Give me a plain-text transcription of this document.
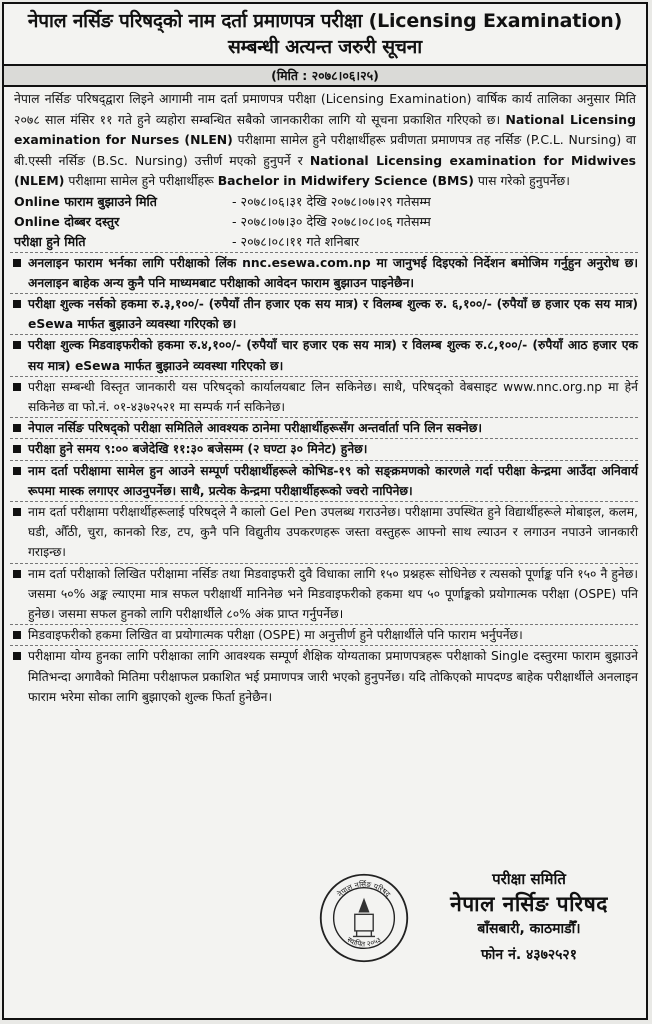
नेपाल नर्सिङ परिषद्‌को नाम दर्ता प्रमाणपत्र परीक्षा (Licensing Examination) सम्बन्धी अत्यन्त जरुरी सूचना
(मिति : २०७८।०६।२५)
नेपाल नर्सिङ परिषद्‌द्वारा लिइने आगामी नाम दर्ता प्रमाणपत्र परीक्षा (Licensing Examination) वार्षिक कार्य तालिका अनुसार मिति २०७८ साल मंसिर ११ गते हुने व्यहोरा सम्बन्धित सबैको जानकारीका लागि यो सूचना प्रकाशित गरिएको छ। National Licensing examination for Nurses (NLEN) परीक्षामा सामेल हुने परीक्षार्थीहरू प्रवीणता प्रमाणपत्र तह नर्सिङ (P.C.L. Nursing) वा बी.एस्सी नर्सिङ (B.Sc. Nursing) उत्तीर्ण मएको हुनुपर्ने र National Licensing examination for Midwives (NLEM) परीक्षामा सामेल हुने परीक्षार्थीहरू Bachelor in Midwifery Science (BMS) पास गरेको हुनुपर्नेछ।
Online फाराम बुझाउने मिति	- २०७८।०६।३१ देखि २०७८।०७।२९ गतेसम्म
Online दोब्बर दस्तुर	- २०७८।०७।३० देखि २०७८।०८।०६ गतेसम्म
परीक्षा हुने मिति	- २०७८।०८।११ गते शनिबार
अनलाइन फाराम भर्नका लागि परीक्षाको लिंक nnc.esewa.com.np मा जानुभई दिइएको निर्देशन बमोजिम गर्नुहुन अनुरोध छ। अनलाइन बाहेक अन्य कुनै पनि माध्यमबाट परीक्षाको आवेदन फाराम बुझाउन पाइनेछैन।
परीक्षा शुल्क नर्सको हकमा रु.३,१००/- (रुपैयाँ तीन हजार एक सय मात्र) र विलम्ब शुल्क रु. ६,१००/- (रुपैयाँ छ हजार एक सय मात्र) eSewa मार्फत बुझाउने व्यवस्था गरिएको छ।
परीक्षा शुल्क मिडवाइफरीको हकमा रु.४,१००/- (रुपैयाँ चार हजार एक सय मात्र) र विलम्ब शुल्क रु.८,१००/- (रुपैयाँ आठ हजार एक सय मात्र) eSewa मार्फत बुझाउने व्यवस्था गरिएको छ।
परीक्षा सम्बन्धी विस्तृत जानकारी यस परिषद्‌को कार्यालयबाट लिन सकिनेछ। साथै, परिषद्‌को वेबसाइट www.nnc.org.np मा हेर्न सकिनेछ वा फो.नं. ०१-४३७२५२१ मा सम्पर्क गर्न सकिनेछ।
नेपाल नर्सिङ परिषद्‌को परीक्षा समितिले आवश्यक ठानेमा परीक्षार्थीहरूसँग अन्तर्वार्ता पनि लिन सक्नेछ।
परीक्षा हुने समय ९:०० बजेदेखि ११:३० बजेसम्म (२ घण्टा ३० मिनेट) हुनेछ।
नाम दर्ता परीक्षामा सामेल हुन आउने सम्पूर्ण परीक्षार्थीहरूले कोभिड-१९ को सङ्क्रमणको कारणले गर्दा परीक्षा केन्द्रमा आउँदा अनिवार्य रूपमा मास्क लगाएर आउनुपर्नेछ। साथै, प्रत्येक केन्द्रमा परीक्षार्थीहरूको ज्वरो नापिनेछ।
नाम दर्ता परीक्षामा परीक्षार्थीहरूलाई परिषद्‌ले नै कालो Gel Pen उपलब्ध गराउनेछ। परीक्षामा उपस्थित हुने विद्यार्थीहरूले मोबाइल, कलम, घडी, औँठी, चुरा, कानको रिङ, टप, कुनै पनि विद्युतीय उपकरणहरू जस्ता वस्तुहरू आफ्नो साथ ल्याउन र लगाउन नपाउने जानकारी गराइन्छ।
नाम दर्ता परीक्षाको लिखित परीक्षामा नर्सिङ तथा मिडवाइफरी दुवै विधाका लागि १५० प्रश्नहरू सोधिनेछ र त्यसको पूर्णाङ्क पनि १५० नै हुनेछ। जसमा ५०% अङ्क ल्याएमा मात्र सफल परीक्षार्थी मानिनेछ भने मिडवाइफरीको हकमा थप ५० पूर्णाङ्कको प्रयोगात्मक परीक्षा (OSPE) पनि हुनेछ। जसमा सफल हुनको लागि परीक्षार्थीले ८०% अंक प्राप्त गर्नुपर्नेछ।
मिडवाइफरीको हकमा लिखित वा प्रयोगात्मक परीक्षा (OSPE) मा अनुत्तीर्ण हुने परीक्षार्थीले पनि फाराम भर्नुपर्नेछ।
परीक्षामा योग्य हुनका लागि परीक्षाका लागि आवश्यक सम्पूर्ण शैक्षिक योग्यताका प्रमाणपत्रहरू परीक्षाको Single दस्तुरमा फाराम बुझाउने मितिभन्दा अगावैको मितिमा परीक्षाफल प्रकाशित भई प्रमाणपत्र जारी भएको हुनुपर्नेछ। यदि तोकिएको मापदण्ड बाहेक परीक्षार्थीले अनलाइन फाराम भरेमा सोका लागि बुझाएको शुल्क फिर्ता हुनेछैन।
नेपाल नर्सिङ परिषद्
स्थापित २०५३
परीक्षा समिति
नेपाल नर्सिङ परिषद
बाँसबारी, काठमाडौँ।
फोन नं. ४३७२५२१
